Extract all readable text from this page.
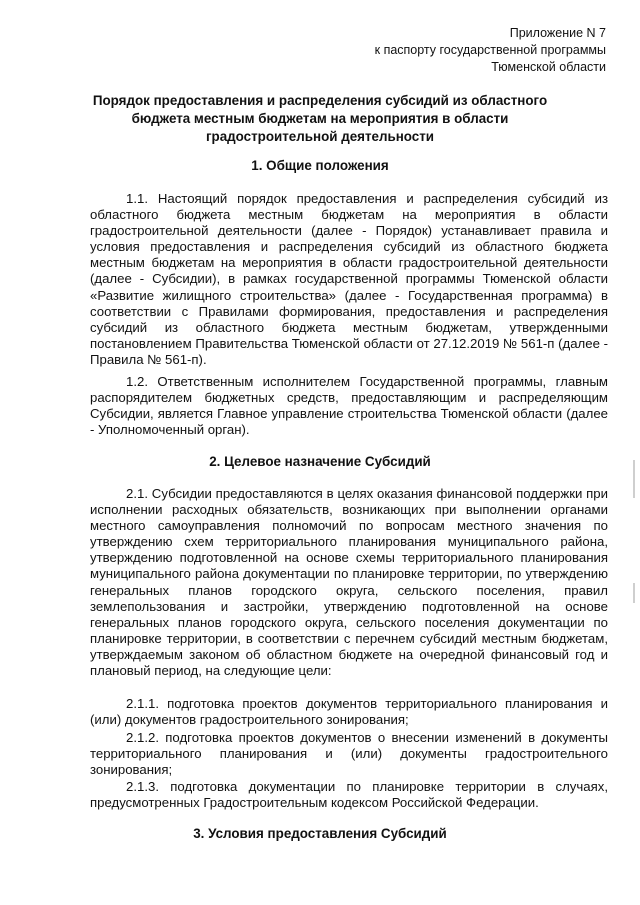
Приложение N 7
к паспорту государственной программы
Тюменской области
Порядок предоставления и распределения субсидий из областного
бюджета местным бюджетам на мероприятия в области
градостроительной деятельности
1. Общие положения

1.1. Настоящий порядок предоставления и распределения субсидий из областного бюджета местным бюджетам на мероприятия в области градостроительной деятельности (далее - Порядок) устанавливает правила и условия предоставления и распределения субсидий из областного бюджета местным бюджетам на мероприятия в области градостроительной деятельности (далее - Субсидии), в рамках государственной программы Тюменской области «Развитие жилищного строительства» (далее - Государственная программа) в соответствии с Правилами формирования, предоставления и распределения субсидий из областного бюджета местным бюджетам, утвержденными постановлением Правительства Тюменской области от 27.12.2019 № 561-п (далее - Правила № 561-п).

1.2. Ответственным исполнителем Государственной программы, главным распорядителем бюджетных средств, предоставляющим и распределяющим Субсидии, является Главное управление строительства Тюменской области (далее - Уполномоченный орган).

2. Целевое назначение Субсидий

2.1. Субсидии предоставляются в целях оказания финансовой поддержки при исполнении расходных обязательств, возникающих при выполнении органами местного самоуправления полномочий по вопросам местного значения по утверждению схем территориального планирования муниципального района, утверждению подготовленной на основе схемы территориального планирования муниципального района документации по планировке территории, по утверждению генеральных планов городского округа, сельского поселения, правил землепользования и застройки, утверждению подготовленной на основе генеральных планов городского округа, сельского поселения документации по планировке территории, в соответствии с перечнем субсидий местным бюджетам, утверждаемым законом об областном бюджете на очередной финансовый год и плановый период, на следующие цели:

2.1.1. подготовка проектов документов территориального планирования и (или) документов градостроительного зонирования;

2.1.2. подготовка проектов документов о внесении изменений в документы территориального планирования и (или) документы градостроительного зонирования;

2.1.3. подготовка документации по планировке территории в случаях, предусмотренных Градостроительным кодексом Российской Федерации.

3. Условия предоставления Субсидий
